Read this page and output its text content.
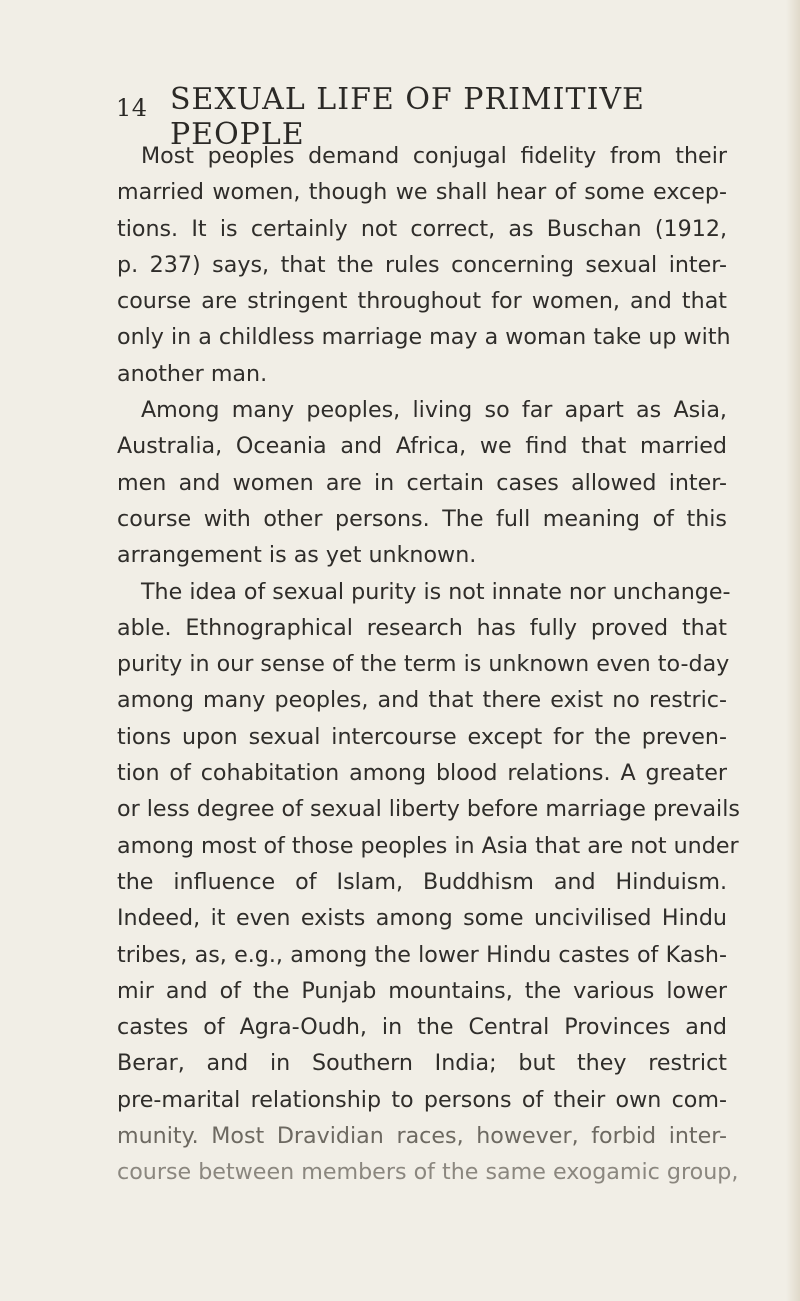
14 SEXUAL LIFE OF PRIMITIVE PEOPLE
Most peoples demand conjugal fidelity from their
married women, though we shall hear of some excep-
tions. It is certainly not correct, as Buschan (1912,
p. 237) says, that the rules concerning sexual inter-
course are stringent throughout for women, and that
only in a childless marriage may a woman take up with
another man.
Among many peoples, living so far apart as Asia,
Australia, Oceania and Africa, we find that married
men and women are in certain cases allowed inter-
course with other persons. The full meaning of this
arrangement is as yet unknown.
The idea of sexual purity is not innate nor unchange-
able. Ethnographical research has fully proved that
purity in our sense of the term is unknown even to-day
among many peoples, and that there exist no restric-
tions upon sexual intercourse except for the preven-
tion of cohabitation among blood relations. A greater
or less degree of sexual liberty before marriage prevails
among most of those peoples in Asia that are not under
the influence of Islam, Buddhism and Hinduism.
Indeed, it even exists among some uncivilised Hindu
tribes, as, e.g., among the lower Hindu castes of Kash-
mir and of the Punjab mountains, the various lower
castes of Agra-Oudh, in the Central Provinces and
Berar, and in Southern India; but they restrict
pre-marital relationship to persons of their own com-
munity. Most Dravidian races, however, forbid inter-
course between members of the same exogamic group,
